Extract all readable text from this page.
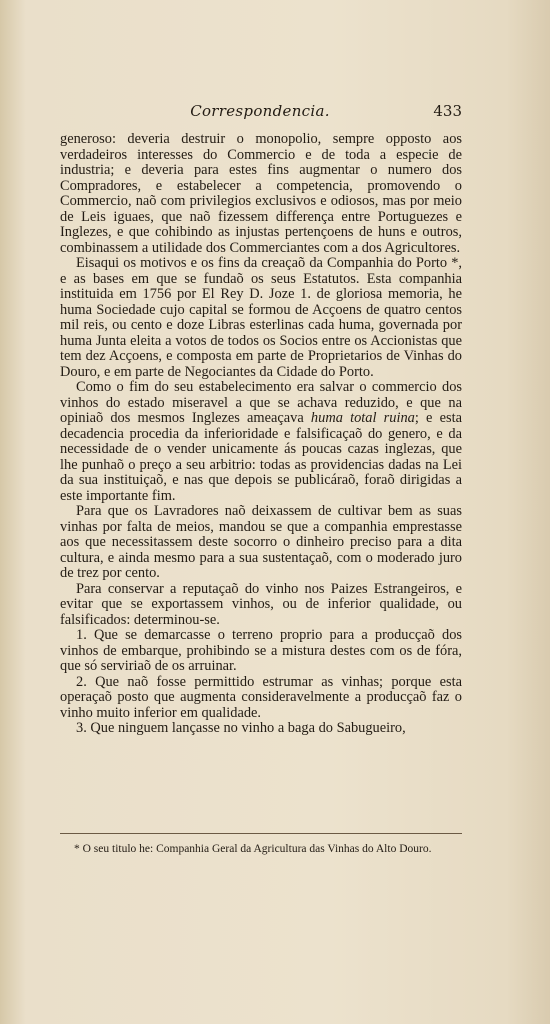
Correspondencia.	433

generoso: deveria destruir o monopolio, sempre opposto aos verdadeiros interesses do Commercio e de toda a especie de industria; e deveria para estes fins augmentar o numero dos Compradores, e estabelecer a competencia, promovendo o Commercio, naõ com privilegios exclusivos e odiosos, mas por meio de Leis iguaes, que naõ fizessem differença entre Portuguezes e Inglezes, e que cohibindo as injustas pertençoens de huns e outros, combinassem a utilidade dos Commerciantes com a dos Agricultores.

Eisaqui os motivos e os fins da creaçaõ da Companhia do Porto *, e as bases em que se fundaõ os seus Estatutos. Esta companhia instituida em 1756 por El Rey D. Joze 1. de gloriosa memoria, he huma Sociedade cujo capital se formou de Acçoens de quatro centos mil reis, ou cento e doze Libras esterlinas cada huma, governada por huma Junta eleita a votos de todos os Socios entre os Accionistas que tem dez Acçoens, e composta em parte de Proprietarios de Vinhas do Douro, e em parte de Negociantes da Cidade do Porto.

Como o fim do seu estabelecimento era salvar o commercio dos vinhos do estado miseravel a que se achava reduzido, e que na opiniaõ dos mesmos Inglezes ameaçava huma total ruina; e esta decadencia procedia da inferioridade e falsificaçaõ do genero, e da necessidade de o vender unicamente ás poucas cazas inglezas, que lhe punhaõ o preço a seu arbitrio: todas as providencias dadas na Lei da sua instituiçaõ, e nas que depois se publicáraõ, foraõ dirigidas a este importante fim.

Para que os Lavradores naõ deixassem de cultivar bem as suas vinhas por falta de meios, mandou se que a companhia emprestasse aos que necessitassem deste socorro o dinheiro preciso para a dita cultura, e ainda mesmo para a sua sustentaçaõ, com o moderado juro de trez por cento.

Para conservar a reputaçaõ do vinho nos Paizes Estrangeiros, e evitar que se exportassem vinhos, ou de inferior qualidade, ou falsificados: determinou-se.

1. Que se demarcasse o terreno proprio para a producçaõ dos vinhos de embarque, prohibindo se a mistura destes com os de fóra, que só serviriaõ de os arruinar.

2. Que naõ fosse permittido estrumar as vinhas; porque esta operaçaõ posto que augmenta consideravelmente a producçaõ faz o vinho muito inferior em qualidade.

3. Que ninguem lançasse no vinho a baga do Sabugueiro,

* O seu titulo he: Companhia Geral da Agricultura das Vinhas do Alto Douro.
